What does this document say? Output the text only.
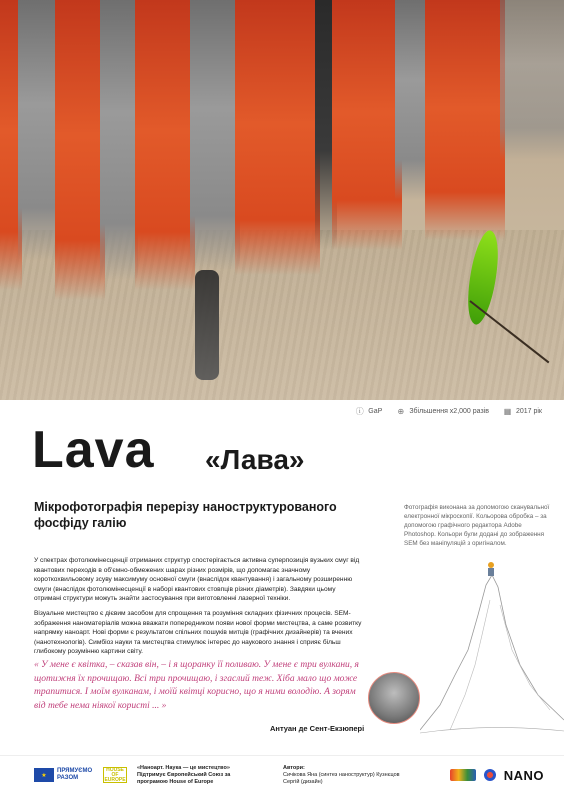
ⓘ GaP ⊕ Збільшення х2,000 разів ▦ 2017 рік
Lava «Лава»
Мікрофотографія перерізу наноструктурованого фосфіду галію
Фотографія виконана за допомогою сканувальної електронної мікроскопії. Кольорова обробка – за допомогою графічного редактора Adobe Photoshop. Кольори були додані до зображення SEM без маніпуляцій з оригіналом.
У спектрах фотолюмінесценції отриманих структур спостерігається активна суперпозиція вузьких смуг від квантових переходів в об'ємно-обмежених шарах різних розмірів, що допомагає значному короткохвильовому зсуву максимуму основної смуги (внаслідок квантування) і загальному розширенню смуги (внаслідок фотолюмінесценції в наборі квантових стовпців різних діаметрів). Завдяки цьому отримані структури можуть знайти застосування при виготовленні лазерної техніки.
Візуальне мистецтво є дієвим засобом для спрощення та розуміння складних фізичних процесів. SEM-зображення наноматеріалів можна вважати попередником появи нової форми мистецтва, а саме розвитку напрямку наноарт. Нові форми є результатом спільних пошуків митців (графічних дизайнерів) та вчених (нанотехнологів). Симбіоз науки та мистецтва стимулює інтерес до наукового знання і сприяє більш глибокому розумінню картини світу.
« У мене є квітка, – сказав він, – і я щоранку її поливаю. У мене є три вулкани, я щотижня їх прочищаю. Всі три прочищаю, і згаслий теж. Хіба мало що може трапитися. І моїм вулканам, і моїй квітці корисно, що я ними володію. А зорям від тебе нема ніякої користі ... »
Антуан де Сент-Екзюпері
★
ПРЯМУЄМО РАЗОМ
HOUSE OF EUROPE
«Наноарт. Наука — це мистецтво»
Підтримує Європейський Союз за програмою House of Europe
Автори:
Сичікова Яна (синтез наноструктур) Кузнєцов Сергій (дизайн)	NANO
